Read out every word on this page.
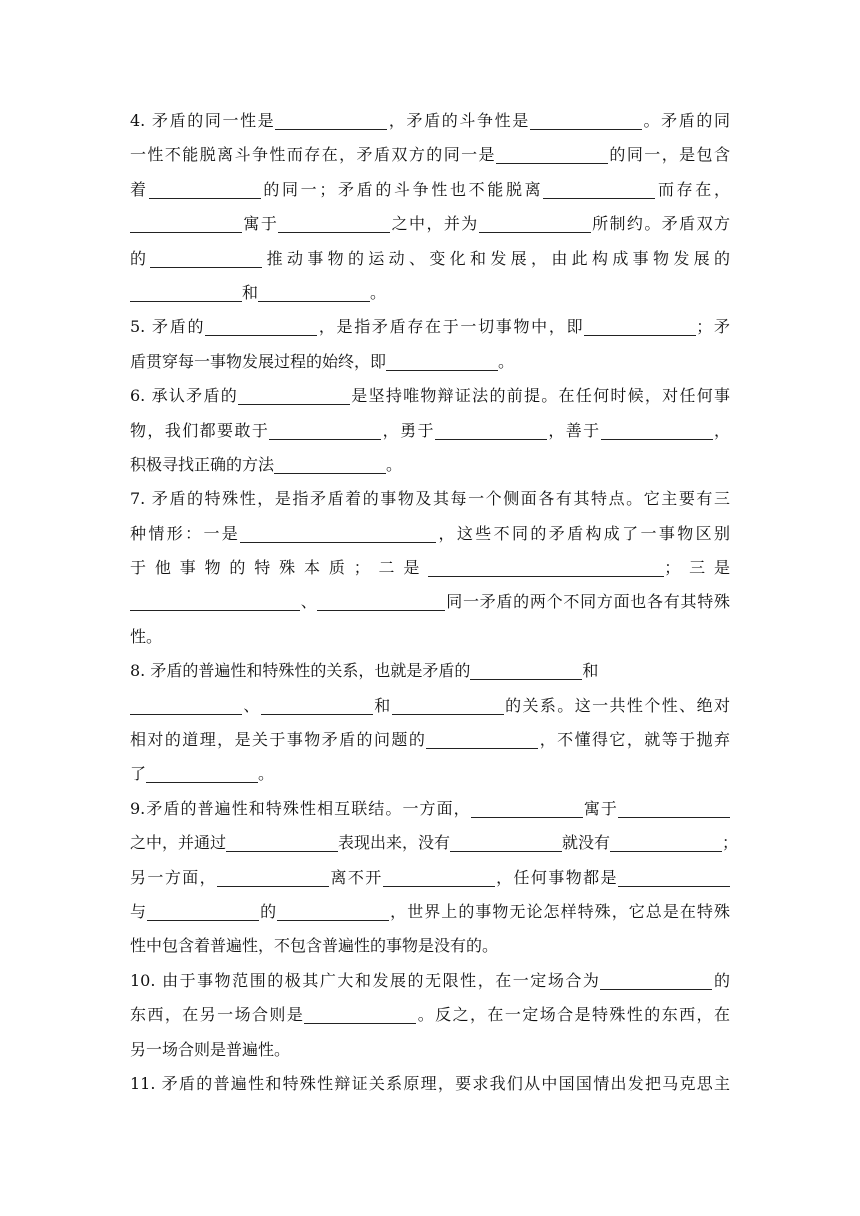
4. 矛盾的同一性是	，矛盾的斗争性是	。矛盾的同
一性不能脱离斗争性而存在，矛盾双方的同一是	的同一，是包含
着	的同一；矛盾的斗争性也不能脱离	而存在，
寓于	之中，并为	所制约。矛盾双方
的	推动事物的运动、变化和发展，由此构成事物发展的
和	。
5. 矛盾的	，是指矛盾存在于一切事物中，即	；矛
盾贯穿每一事物发展过程的始终，即	。
6. 承认矛盾的	是坚持唯物辩证法的前提。在任何时候，对任何事
物，我们都要敢于	，勇于	，善于	，
积极寻找正确的方法	。
7. 矛盾的特殊性，是指矛盾着的事物及其每一个侧面各有其特点。它主要有三
种情形：一是	，这些不同的矛盾构成了一事物区别
于他事物的特殊本质；二是	；三是
、	同一矛盾的两个不同方面也各有其特殊
性。
8. 矛盾的普遍性和特殊性的关系，也就是矛盾的	和
、	和	的关系。这一共性个性、绝对
相对的道理，是关于事物矛盾的问题的	，不懂得它，就等于抛弃
了	。
9.矛盾的普遍性和特殊性相互联结。一方面，	寓于
之中，并通过	表现出来，没有	就没有	；
另一方面，	离不开	，任何事物都是
与	的	，世界上的事物无论怎样特殊，它总是在特殊
性中包含着普遍性，不包含普遍性的事物是没有的。
10. 由于事物范围的极其广大和发展的无限性，在一定场合为	的
东西，在另一场合则是	。反之，在一定场合是特殊性的东西，在
另一场合则是普遍性。
11. 矛盾的普遍性和特殊性辩证关系原理，要求我们从中国国情出发把马克思主
